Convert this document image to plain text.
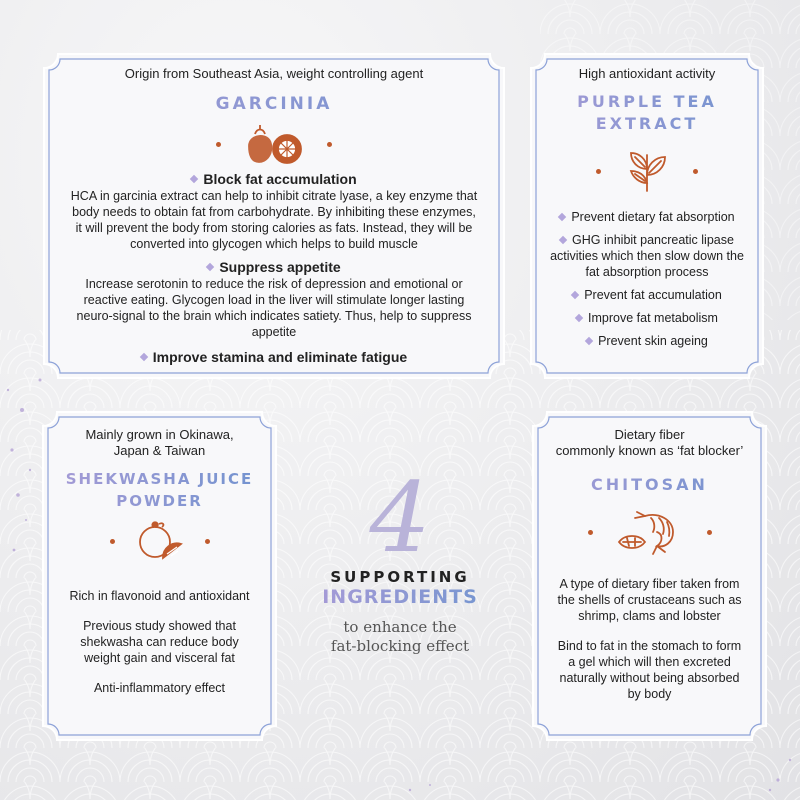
Origin from Southeast Asia, weight controlling agent
GARCINIA
Block fat accumulation
HCA in garcinia extract can help to inhibit citrate lyase, a key enzyme that body needs to obtain fat from carbohydrate. By inhibiting these enzymes, it will prevent the body from storing calories as fats. Instead, they will be converted into glycogen which helps to build muscle
Suppress appetite
Increase serotonin to reduce the risk of depression and emotional or reactive eating. Glycogen load in the liver will stimulate longer lasting neuro-signal to the brain which indicates satiety. Thus, help to suppress appetite
Improve stamina and eliminate fatigue
High antioxidant activity
PURPLE TEA
EXTRACT
Prevent dietary fat absorption
GHG inhibit pancreatic lipase activities which then slow down the fat absorption process
Prevent fat accumulation
Improve fat metabolism
Prevent skin ageing
Mainly grown in Okinawa,
Japan & Taiwan
SHEKWASHA JUICE
POWDER
Rich in flavonoid and antioxidant
Previous study showed that shekwasha can reduce body weight gain and visceral fat
Anti-inflammatory effect
Dietary fiber
commonly known as ‘fat blocker’
CHITOSAN
A type of dietary fiber taken from the shells of crustaceans such as shrimp, clams and lobster
Bind to fat in the stomach to form a gel which will then excreted naturally without being absorbed by body
4
SUPPORTING
INGREDIENTS
to enhance the
fat-blocking effect
